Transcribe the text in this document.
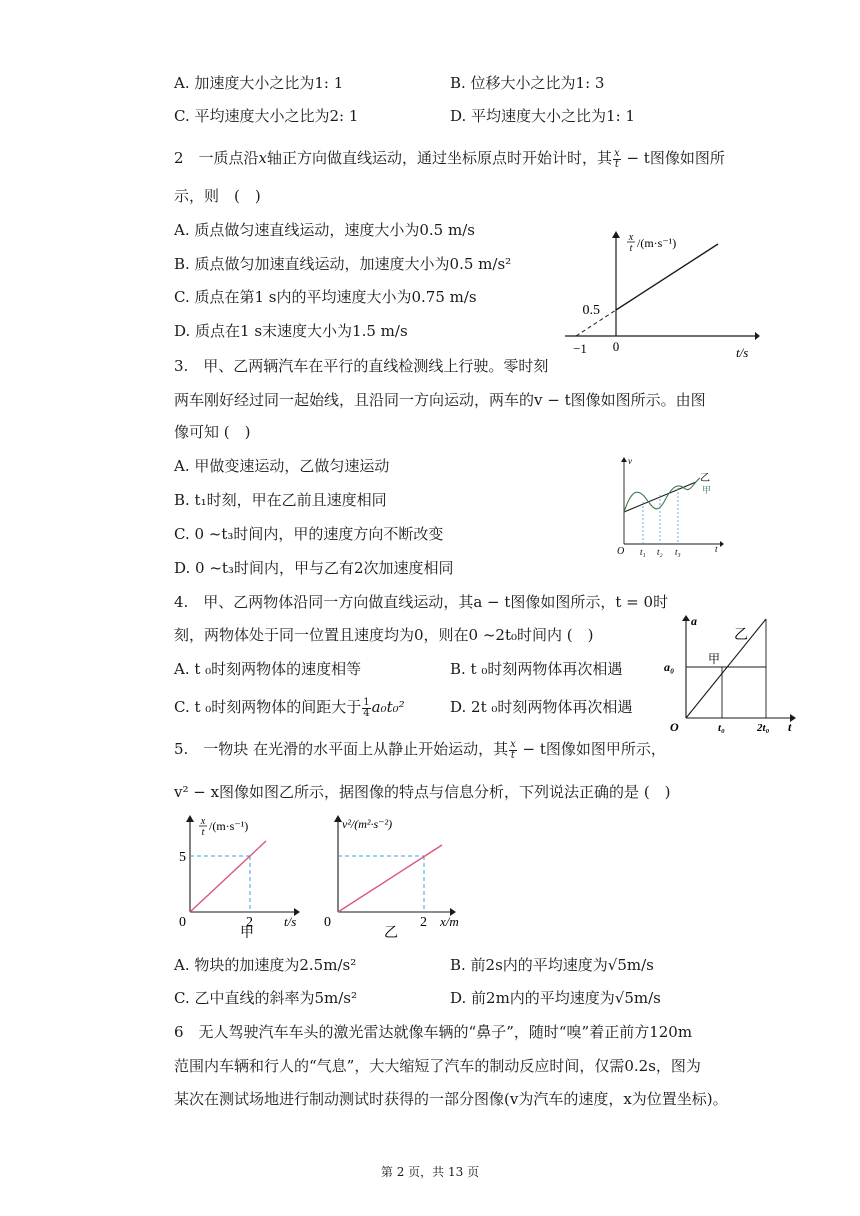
A. 加速度大小之比为1: 1	B. 位移大小之比为1: 3
C. 平均速度大小之比为2: 1	D. 平均速度大小之比为1: 1
2　一质点沿x轴正方向做直线运动，通过坐标原点时开始计时，其 $\frac{x}{t} - t$图像如图所
示，则　(　)
A. 质点做匀速直线运动，速度大小为0.5 m/s
B. 质点做匀加速直线运动，加速度大小为0.5 m/s²
C. 质点在第1 s内的平均速度大小为0.75 m/s
D. 质点在1 s末速度大小为1.5 m/s
x
t /(m·s⁻¹)
0.5
−1 0	t/s
3.　甲、乙两辆汽车在平行的直线检测线上行驶。零时刻
两车刚好经过同一起始线，且沿同一方向运动，两车的v − t图像如图所示。由图
像可知 (　)
A. 甲做变速运动，乙做匀速运动
B. t₁时刻，甲在乙前且速度相同
C. 0 ~t₃时间内，甲的速度方向不断改变
D. 0 ~t₃时间内，甲与乙有2次加速度相同
v
t
O t₁ t₂ t₃
乙
甲
4.　甲、乙两物体沿同一方向做直线运动，其a − t图像如图所示，t = 0时
刻，两物体处于同一位置且速度均为0，则在0 ~2t₀时间内 (　)
A. t ₀时刻两物体的速度相等	B. t ₀时刻两物体再次相遇
C. t ₀时刻两物体的间距大于 $\frac{1}{4} a_0t_0^2$	D. 2t ₀时刻两物体再次相遇
a
t
O
a₀
t₀	2t₀
乙
甲
5.　一物块 在光滑的水平面上从静止开始运动，其 $\frac{x}{t} - t$图像如图甲所示，
v² − x图像如图乙所示，据图像的特点与信息分析，下列说法正确的是 (　)
x
t /(m·s⁻¹)
5
0	2 t/s
甲
v²/(m²·s⁻²)
0	2 x/m
乙
A. 物块的加速度为2.5m/s²	B. 前2s内的平均速度为√5m/s
C. 乙中直线的斜率为5m/s²	D. 前2m内的平均速度为√5m/s
6　无人驾驶汽车车头的激光雷达就像车辆的“鼻子”，随时“嗅”着正前方120m
范围内车辆和行人的“气息”，大大缩短了汽车的制动反应时间，仅需0.2s，图为
某次在测试场地进行制动测试时获得的一部分图像(v为汽车的速度，x为位置坐标)。
第 2 页，共 13 页
